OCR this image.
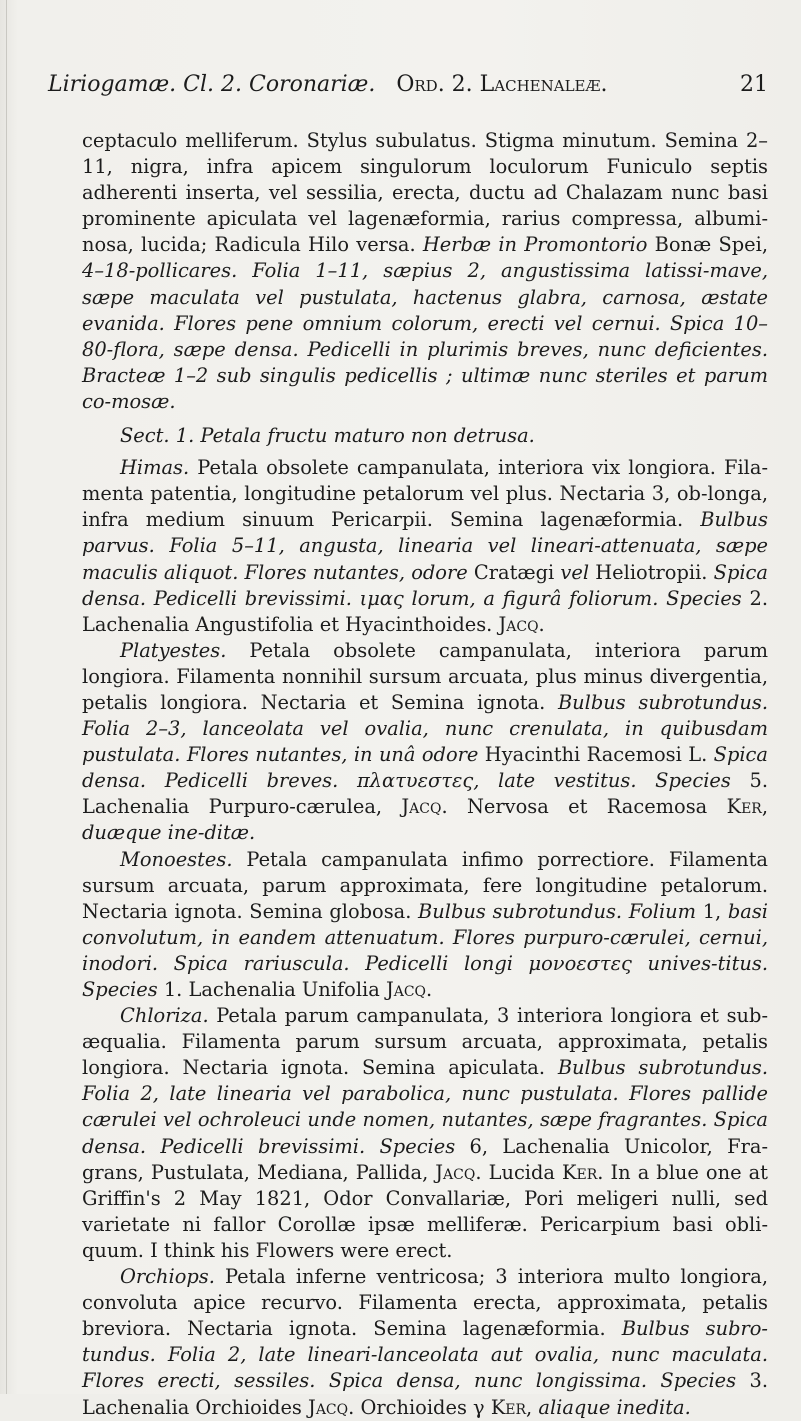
Liriogamæ. Cl. 2. Coronariæ. Ord. 2. Lachenaleæ.	21

ceptaculo melliferum. Stylus subulatus. Stigma minutum. Semina 2–11, nigra, infra apicem singulorum loculorum Funiculo septis adherenti inserta, vel sessilia, erecta, ductu ad Chalazam nunc basi prominente apiculata vel lagenæformia, rarius compressa, albumi-nosa, lucida; Radicula Hilo versa. Herbæ in Promontorio Bonæ Spei, 4–18-pollicares. Folia 1–11, sæpius 2, angustissima latissi-mave, sæpe maculata vel pustulata, hactenus glabra, carnosa, æstate evanida. Flores pene omnium colorum, erecti vel cernui. Spica 10–80-flora, sæpe densa. Pedicelli in plurimis breves, nunc deficientes. Bracteæ 1–2 sub singulis pedicellis ; ultimæ nunc steriles et parum co-mosæ.

Sect. 1. Petala fructu maturo non detrusa.

Himas. Petala obsolete campanulata, interiora vix longiora. Fila-menta patentia, longitudine petalorum vel plus. Nectaria 3, ob-longa, infra medium sinuum Pericarpii. Semina lagenæformia. Bulbus parvus. Folia 5–11, angusta, linearia vel lineari-attenuata, sæpe maculis aliquot. Flores nutantes, odore Cratægi vel Heliotropii. Spica densa. Pedicelli brevissimi. ιμας lorum, a figurâ foliorum. Species 2. Lachenalia Angustifolia et Hyacinthoides. Jacq.

Platyestes. Petala obsolete campanulata, interiora parum longiora. Filamenta nonnihil sursum arcuata, plus minus divergentia, petalis longiora. Nectaria et Semina ignota. Bulbus subrotundus. Folia 2–3, lanceolata vel ovalia, nunc crenulata, in quibusdam pustulata. Flores nutantes, in unâ odore Hyacinthi Racemosi L. Spica densa. Pedicelli breves. πλατυεστες, late vestitus. Species 5. Lachenalia Purpuro-cærulea, Jacq. Nervosa et Racemosa Ker, duæque ine-ditæ.

Monoestes. Petala campanulata infimo porrectiore. Filamenta sursum arcuata, parum approximata, fere longitudine petalorum. Nectaria ignota. Semina globosa. Bulbus subrotundus. Folium 1, basi convolutum, in eandem attenuatum. Flores purpuro-cærulei, cernui, inodori. Spica rariuscula. Pedicelli longi μονοεστες unives-titus. Species 1. Lachenalia Unifolia Jacq.

Chloriza. Petala parum campanulata, 3 interiora longiora et sub-æqualia. Filamenta parum sursum arcuata, approximata, petalis longiora. Nectaria ignota. Semina apiculata. Bulbus subrotundus. Folia 2, late linearia vel parabolica, nunc pustulata. Flores pallide cærulei vel ochroleuci unde nomen, nutantes, sæpe fragrantes. Spica densa. Pedicelli brevissimi. Species 6, Lachenalia Unicolor, Fra-grans, Pustulata, Mediana, Pallida, Jacq. Lucida Ker. In a blue one at Griffin's 2 May 1821, Odor Convallariæ, Pori meligeri nulli, sed varietate ni fallor Corollæ ipsæ melliferæ. Pericarpium basi obli-quum. I think his Flowers were erect.

Orchiops. Petala inferne ventricosa; 3 interiora multo longiora, convoluta apice recurvo. Filamenta erecta, approximata, petalis breviora. Nectaria ignota. Semina lagenæformia. Bulbus subro-tundus. Folia 2, late lineari-lanceolata aut ovalia, nunc maculata. Flores erecti, sessiles. Spica densa, nunc longissima. Species 3. Lachenalia Orchioides Jacq. Orchioides γ Ker, aliaque inedita.
